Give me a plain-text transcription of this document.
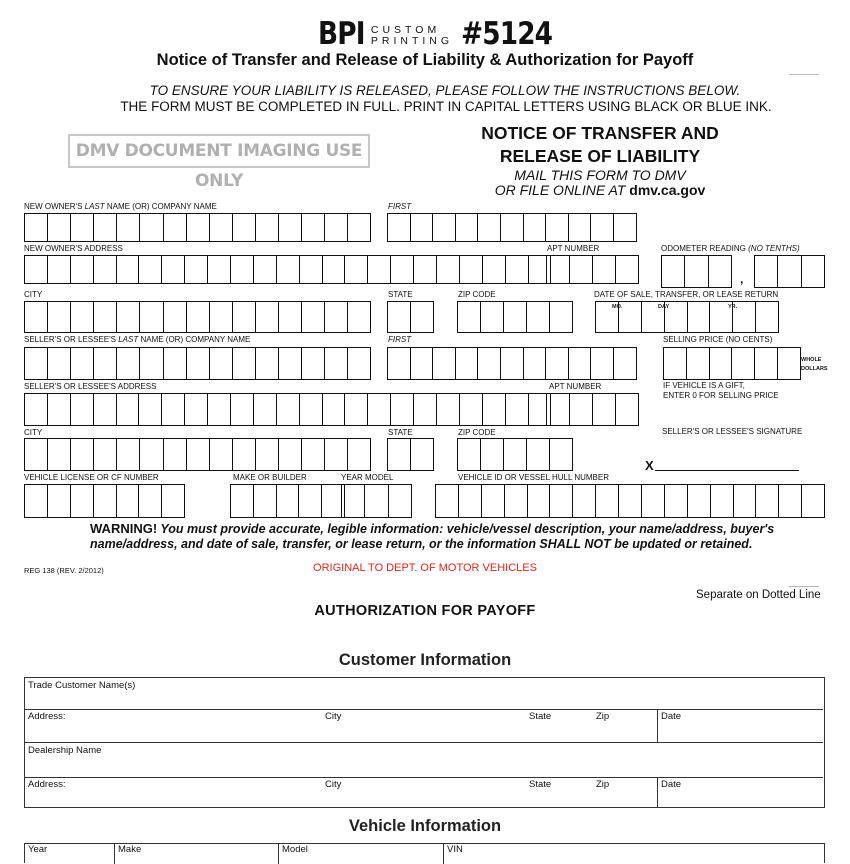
BPI CUSTOM
PRINTING #5124
Notice of Transfer and Release of Liability & Authorization for Payoff
TO ENSURE YOUR LIABILITY IS RELEASED, PLEASE FOLLOW THE INSTRUCTIONS BELOW.
THE FORM MUST BE COMPLETED IN FULL. PRINT IN CAPITAL LETTERS USING BLACK OR BLUE INK.
DMV DOCUMENT IMAGING USE ONLY
NOTICE OF TRANSFER AND
RELEASE OF LIABILITY
MAIL THIS FORM TO DMV
OR FILE ONLINE AT dmv.ca.gov
NEW OWNER'S LAST NAME (OR) COMPANY NAME	FIRST
NEW OWNER'S ADDRESS	APT NUMBER	ODOMETER READING (NO TENTHS)
,
CITY	STATE	ZIP CODE	DATE OF SALE, TRANSFER, OR LEASE RETURN
MO.	DAY	YR.
SELLER'S OR LESSEE'S LAST NAME (OR) COMPANY NAME	FIRST	SELLING PRICE (NO CENTS)
WHOLE
DOLLARS
SELLER'S OR LESSEE'S ADDRESS	APT NUMBER	IF VEHICLE IS A GIFT,
ENTER 0 FOR SELLING PRICE
CITY	STATE	ZIP CODE	SELLER'S OR LESSEE'S SIGNATURE
X
VEHICLE LICENSE OR CF NUMBER	MAKE OR BUILDER	YEAR MODEL	VEHICLE ID OR VESSEL HULL NUMBER
WARNING! You must provide accurate, legible information: vehicle/vessel description, your name/address, buyer's name/address, and date of sale, transfer, or lease return, or the information SHALL NOT be updated or retained.
REG 138 (REV. 2/2012)	ORIGINAL TO DEPT. OF MOTOR VEHICLES
Separate on Dotted Line
AUTHORIZATION FOR PAYOFF
Customer Information
Trade Customer Name(s)
Address:	City	State	Zip	Date
Dealership Name
Address:	City	State	Zip	Date
Vehicle Information
Year	Make	Model	VIN
